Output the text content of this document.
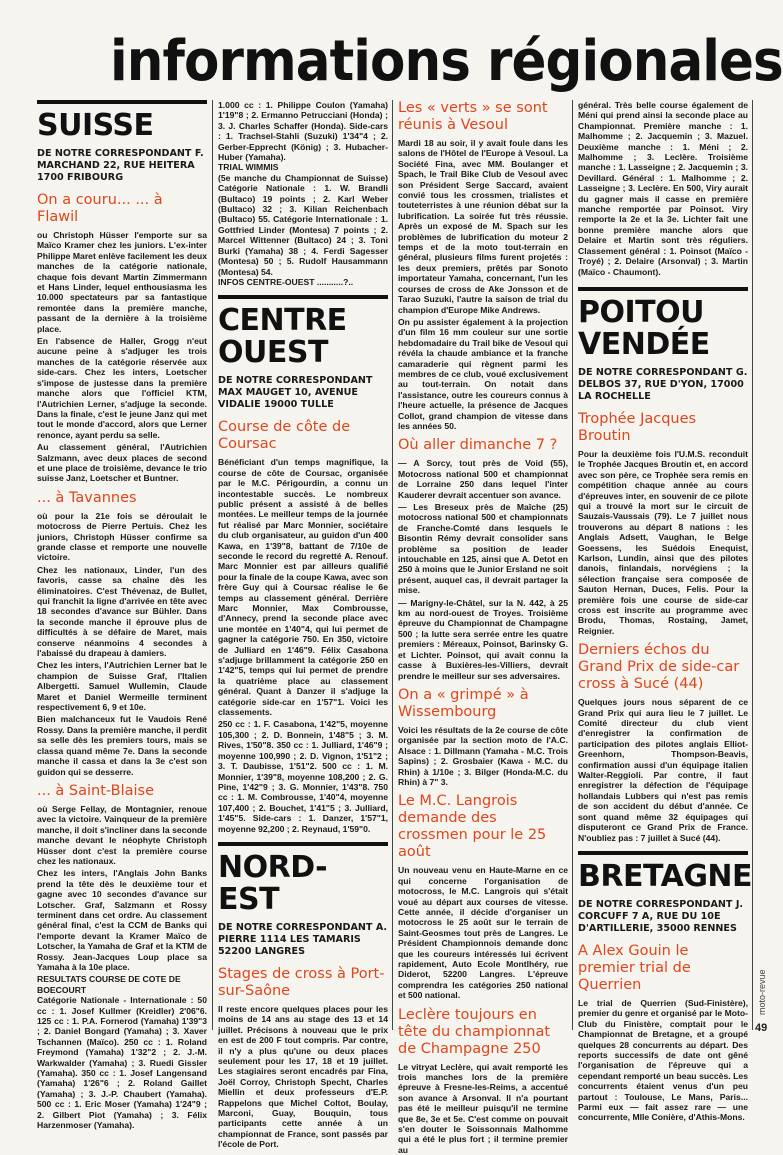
informations régionales
SUISSE
DE NOTRE CORRESPONDANT F. MARCHAND 22, RUE HEITERA 1700 FRIBOURG
On a couru... ... à Flawil

ou Christoph Hüsser l'emporte sur sa Maïco Kramer chez les juniors. L'ex-inter Philippe Maret enlève facilement les deux manches de la catégorie nationale, chaque fois devant Martin Zimmermann et Hans Linder, lequel enthousiasma les 10.000 spectateurs par sa fantastique remontée dans la première manche, passant de la dernière à la troisième place.

En l'absence de Haller, Grogg n'eut aucune peine à s'adjuger les trois manches de la catégorie réservée aux side-cars. Chez les inters, Loetscher s'impose de justesse dans la première manche alors que l'officiel KTM, l'Autrichien Lerner, s'adjuge la seconde. Dans la finale, c'est le jeune Janz qui met tout le monde d'accord, alors que Lerner renonce, ayant perdu sa selle.

Au classement général, l'Autrichien Salzmann, avec deux places de second et une place de troisième, devance le trio suisse Janz, Loetscher et Buntner.

... à Tavannes

où pour la 21e fois se déroulait le motocross de Pierre Pertuis. Chez les juniors, Christoph Hüsser confirme sa grande classe et remporte une nouvelle victoire.

Chez les nationaux, Linder, l'un des favoris, casse sa chaîne dès les éliminatoires. C'est Thévenaz, de Bullet, qui franchit la ligne d'arrivée en tête avec 18 secondes d'avance sur Bühler. Dans la seconde manche il éprouve plus de difficultés à se défaire de Maret, mais conserve néanmoins 4 secondes à l'abaissé du drapeau à damiers.

Chez les inters, l'Autrichien Lerner bat le champion de Suisse Graf, l'Italien Albergetti. Samuel Wullemin, Claude Maret et Daniel Wermeille terminent respectivement 6, 9 et 10e.

Bien malchanceux fut le Vaudois René Rossy. Dans la première manche, il perdit sa selle dès les premiers tours, mais se classa quand même 7e. Dans la seconde manche il cassa et dans la 3e c'est son guidon qui se desserre.

... à Saint-Blaise

où Serge Fellay, de Montagnier, renoue avec la victoire. Vainqueur de la première manche, il doit s'incliner dans la seconde manche devant le néophyte Christoph Hüsser dont c'est la première course chez les nationaux.

Chez les inters, l'Anglais John Banks prend la tête dès le deuxième tour et gagne avec 10 secondes d'avance sur Lotscher. Graf, Salzmann et Rossy terminent dans cet ordre. Au classement général final, c'est la CCM de Banks qui l'emporte devant la Kramer Maïco de Lotscher, la Yamaha de Graf et la KTM de Rossy. Jean-Jacques Loup place sa Yamaha à la 10e place.

RESULTATS COURSE DE COTE DE BOECOURT
Catégorie Nationale - Internationale : 50 cc : 1. Josef Kullmer (Kreidler) 2'06"6. 125 cc : 1. P.A. Fornerod (Yamaha) 1'39"3 ; 2. Daniel Bongard (Yamaha) ; 3. Xaver Tschannen (Maïco). 250 cc : 1. Roland Freymond (Yamaha) 1'32"2 ; 2. J.-M. Warkwalder (Yamaha) ; 3. Ruedi Gissler (Yamaha). 350 cc : 1. Josef Langensand (Yamaha) 1'26"6 ; 2. Roland Gaillet (Yamaha) ; 3. J.-P. Chaubert (Yamaha). 500 cc : 1. Eric Moser (Yamaha) 1'24"9 ; 2. Gilbert Piot (Yamaha) ; 3. Félix Harzenmoser (Yamaha).
1.000 cc : 1. Philippe Coulon (Yamaha) 1'19"8 ; 2. Ermanno Petrucciani (Honda) ; 3. J. Charles Schaffer (Honda). Side-cars : 1. Trachsel-Stahli (Suzuki) 1'34"4 ; 2. Gerber-Epprecht (König) ; 3. Hubacher-Huber (Yamaha).
TRIAL WIMMIS
(5e manche du Championnat de Suisse) Catégorie Nationale : 1. W. Brandli (Bultaco) 19 points ; 2. Karl Weber (Bultaco) 32 ; 3. Kilian Reichenbach (Bultaco) 55. Catégorie Internationale : 1. Gottfried Linder (Montesa) 7 points ; 2. Marcel Wittenner (Bultaco) 24 ; 3. Toni Burki (Yamaha) 38 ; 4. Ferdi Sagesser (Montesa) 50 ; 5. Rudolf Hausammann (Montesa) 54.
INFOS CENTRE-OUEST ...........?..
CENTRE OUEST
DE NOTRE CORRESPONDANT MAX MAUGET 10, AVENUE VIDALIE 19000 TULLE
Course de côte de Coursac

Bénéficiant d'un temps magnifique, la course de côte de Coursac, organisée par le M.C. Périgourdin, a connu un incontestable succès. Le nombreux public présent a assisté à de belles montées. Le meilleur temps de la journée fut réalisé par Marc Monnier, sociétaire du club organisateur, au guidon d'un 400 Kawa, en 1'39"8, battant de 7/10e de seconde le record du regretté A. Renouf. Marc Monnier est par ailleurs qualifié pour la finale de la coupe Kawa, avec son frère Guy qui à Coursac réalise le 6e temps au classement général. Derrière Marc Monnier, Max Combrousse, d'Annecy, prend la seconde place avec une montée en 1'40"4, qui lui permet de gagner la catégorie 750. En 350, victoire de Julliard en 1'46"9. Félix Casabona s'adjuge brillamment la catégorie 250 en 1'42"5, temps qui lui permet de prendre la quatrième place au classement général. Quant à Danzer il s'adjuge la catégorie side-car en 1'57"1. Voici les classements.

250 cc : 1. F. Casabona, 1'42"5, moyenne 105,300 ; 2. D. Bonnein, 1'48"5 ; 3. M. Rives, 1'50"8. 350 cc : 1. Julliard, 1'46"9 ; moyenne 100,990 ; 2. D. Vignon, 1'51"2 ; 3. T. Daubisse, 1'51"2. 500 cc : 1. M. Monnier, 1'39"8, moyenne 108,200 ; 2. G. Pine, 1'42"9 ; 3. G. Monnier, 1'43"8. 750 cc : 1. M. Combrousse, 1'40"4, moyenne 107,400 ; 2. Bouchet, 1'41"5 ; 3. Julliard, 1'45"5. Side-cars : 1. Danzer, 1'57"1, moyenne 92,200 ; 2. Reynaud, 1'59"0.

NORD-EST
DE NOTRE CORRESPONDANT A. PIERRE 1114 LES TAMARIS 52200 LANGRES
Stages de cross à Port-sur-Saône

Il reste encore quelques places pour les moins de 14 ans au stage des 13 et 14 juillet. Précisons à nouveau que le prix en est de 200 F tout compris. Par contre, il n'y a plus qu'une ou deux places seulement pour les 17, 18 et 19 juillet. Les stagiaires seront encadrés par Fina, Joël Corroy, Christoph Specht, Charles Miellin et deux professeurs d'E.P. Rappelons que Michel Coltot, Boulay, Marconi, Guay, Bouquin, tous participants cette année à un championnat de France, sont passés par l'école de Port.

Les « verts » se sont réunis à Vesoul

Mardi 18 au soir, il y avait foule dans les salons de l'Hôtel de l'Europe à Vesoul. La Société Fina, avec MM. Boulanger et Spach, le Trail Bike Club de Vesoul avec son Président Serge Saccard, avaient convié tous les crossmen, trialistes et touteterristes à une réunion débat sur la lubrification. La soirée fut très réussie. Après un exposé de M. Spach sur les problèmes de lubrification du moteur 2 temps et de la moto tout-terrain en général, plusieurs films furent projetés : les deux premiers, prêtés par Sonoto importateur Yamaha, concernant, l'un les courses de cross de Ake Jonsson et de Tarao Suzuki, l'autre la saison de trial du champion d'Europe Mike Andrews.

On pu assister également à la projection d'un film 16 mm couleur sur une sortie hebdomadaire du Trail bike de Vesoul qui révéla la chaude ambiance et la franche camaraderie qui règnent parmi les membres de ce club, voué exclusivement au tout-terrain. On notait dans l'assistance, outre les coureurs connus à l'heure actuelle, la présence de Jacques Collot, grand champion de vitesse dans les années 50.

Où aller dimanche 7 ?

— A Sorcy, tout près de Void (55), Motocross national 500 et championnat de Lorraine 250 dans lequel l'inter Kauderer devrait accentuer son avance.

— Les Breseux près de Maîche (25) motocross national 500 et championnats de Franche-Comté dans lesquels le Bisontin Rémy devrait consolider sans problème sa position de leader intouchable en 125, ainsi que A. Detot en 250 à moins que le Junior Ersland ne soit présent, auquel cas, il devrait partager la mise.

— Marigny-le-Châtel, sur la N. 442, à 25 km au nord-ouest de Troyes. Troisième épreuve du Championnat de Champagne 500 ; la lutte sera serrée entre les quatre premiers : Méreaux, Poinsot, Barinsky G. et Lichter. Poinsot, qui avait connu la casse à Buxières-les-Villiers, devrait prendre le meilleur sur ses adversaires.

On a « grimpé » à Wissembourg

Voici les résultats de la 2e course de côte organisée par la section moto de l'A.C. Alsace : 1. Dillmann (Yamaha - M.C. Trois Sapins) ; 2. Grosbaier (Kawa - M.C. du Rhin) à 1/10e ; 3. Bilger (Honda-M.C. du Rhin) à 7" 3.

Le M.C. Langrois demande des crossmen pour le 25 août

Un nouveau venu en Haute-Marne en ce qui concerne l'organisation de motocross, le M.C. Langrois qui s'était voué au départ aux courses de vitesse. Cette année, il décide d'organiser un motocross le 25 août sur le terrain de Saint-Geosmes tout près de Langres. Le Président Championnois demande donc que les coureurs intéressés lui écrivent rapidement, Auto Ecole Montlhéry, rue Diderot, 52200 Langres. L'épreuve comprendra les catégories 250 national et 500 national.

Leclère toujours en tête du championnat de Champagne 250

Le vitryat Leclère, qui avait remporté les trois manches lors de la première épreuve à Fresne-les-Reims, a accentué son avance à Arsonval. Il n'a pourtant pas été le meilleur puisqu'il ne termine que 8e, 3e et 5e. C'est comme on pouvait s'en douter le Soissonnais Malhomme qui a été le plus fort ; il termine premier au

général. Très belle course également de Méni qui prend ainsi la seconde place au Championnat. Première manche : 1. Malhomme ; 2. Jacquemin ; 3. Mazuel. Deuxième manche : 1. Méni ; 2. Malhomme ; 3. Leclère. Troisième manche : 1. Lasseigne ; 2. Jacquemin ; 3. Devillard. Général : 1. Malhomme ; 2. Lasseigne ; 3. Leclère. En 500, Viry aurait du gagner mais il casse en première manche remportée par Poinsot. Viry remporte la 2e et la 3e. Lichter fait une bonne première manche alors que Delaire et Martin sont très réguliers. Classement général : 1. Poinsot (Maïco - Troyé) ; 2. Delaire (Arsonval) ; 3. Martin (Maïco - Chaumont).
POITOU VENDÉE
DE NOTRE CORRESPONDANT G. DELBOS 37, RUE D'YON, 17000 LA ROCHELLE
Trophée Jacques Broutin

Pour la deuxième fois l'U.M.S. reconduit le Trophée Jacques Broutin et, en accord avec son père, ce Trophée sera remis en compétition chaque année au cours d'épreuves inter, en souvenir de ce pilote qui a trouvé la mort sur le circuit de Sauzais-Vaussais (79). Le 7 juillet nous trouverons au départ 8 nations : les Anglais Adsett, Vaughan, le Belge Goessens, les Suédois Enequist, Karlson, Lundin, ainsi que des pilotes danois, finlandais, norvégiens ; la sélection française sera composée de Sauton Hernan, Duces, Felis. Pour la première fois une course de side-car cross est inscrite au programme avec Brodu, Thomas, Rostaing, Jamet, Reignier.

Derniers échos du Grand Prix de side-car cross à Sucé (44)

Quelques jours nous séparent de ce Grand Prix qui aura lieu le 7 juillet. Le Comité directeur du club vient d'enregistrer la confirmation de participation des pilotes anglais Elliot-Greenhorn, Thompson-Beavis, confirmation aussi d'un équipage italien Walter-Reggioli. Par contre, il faut enregistrer la défection de l'équipage hollandais Lubbers qui n'est pas remis de son accident du début d'année. Ce sont quand même 32 équipages qui disputeront ce Grand Prix de France. N'oubliez pas : 7 juillet à Sucé (44).

BRETAGNE
DE NOTRE CORRESPONDANT J. CORCUFF 7 A, RUE DU 10E D'ARTILLERIE, 35000 RENNES
A Alex Gouin le premier trial de Querrien

Le trial de Querrien (Sud-Finistère), premier du genre et organisé par le Moto-Club du Finistère, comptait pour le Championnat de Bretagne, et a groupé quelques 28 concurrents au départ. Des reports successifs de date ont gêné l'organisation de l'épreuve qui a cependant remporté un beau succès. Les concurrents étaient venus d'un peu partout : Toulouse, Le Mans, Paris... Parmi eux — fait assez rare — une concurrente, Mlle Conière, d'Athis-Mons.

moto-revue
49
